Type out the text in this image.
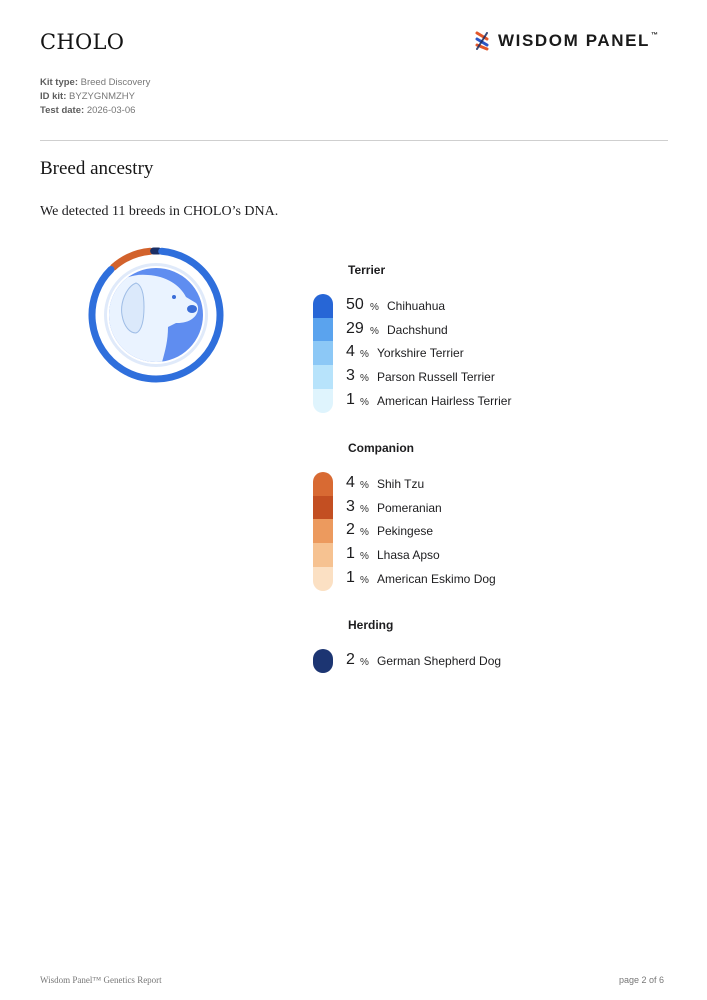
CHOLO	WISDOM PANEL™
Kit type: Breed Discovery
ID kit: BYZYGNMZHY
Test date: 2026-03-06
Breed ancestry
We detected 11 breeds in CHOLO’s DNA.
Terrier
50 % Chihuahua
29 % Dachshund
4 % Yorkshire Terrier
3 % Parson Russell Terrier
1 % American Hairless Terrier
Companion
4 % Shih Tzu
3 % Pomeranian
2 % Pekingese
1 % Lhasa Apso
1 % American Eskimo Dog
Herding
2 % German Shepherd Dog
Wisdom Panel™ Genetics Report	page 2 of 6
